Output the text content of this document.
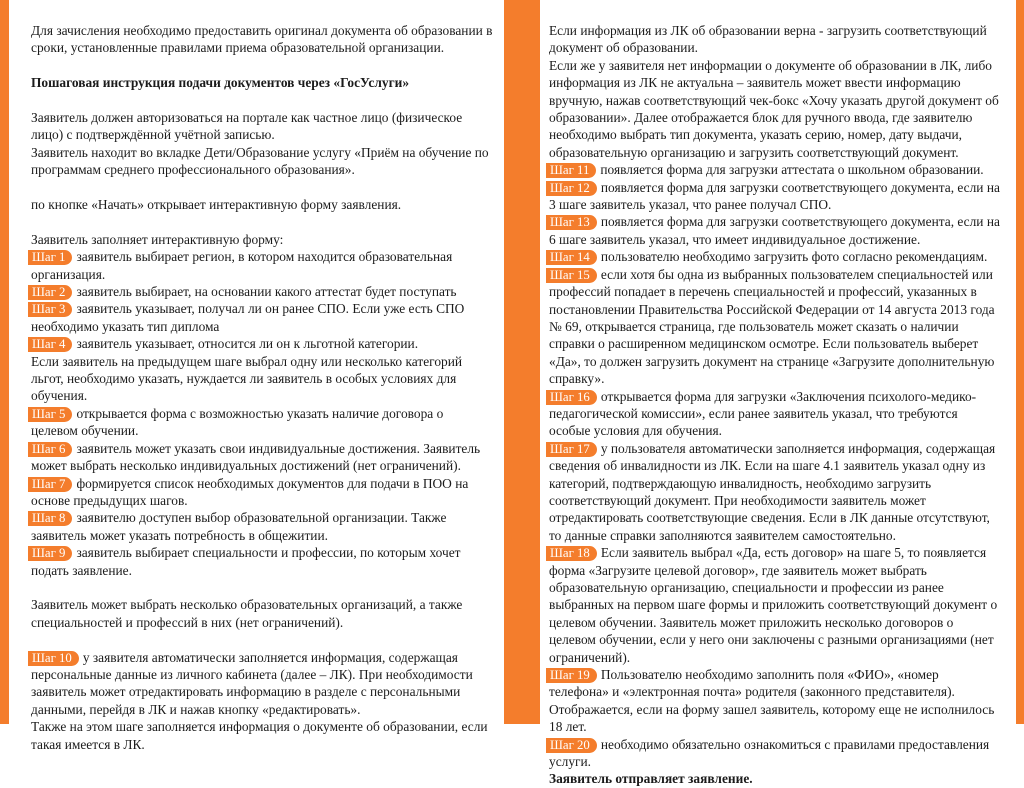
Для зачисления необходимо предоставить оригинал документа об образовании в сроки, установленные правилами приема образовательной организации.

Пошаговая инструкция подачи документов через «ГосУслуги»

Заявитель должен авторизоваться на портале как частное лицо (физическое лицо) с подтверждённой учётной записью.

Заявитель находит во вкладке Дети/Образование услугу «Приём на обучение по программам среднего профессионального образования».

по кнопке «Начать» открывает интерактивную форму заявления.

Заявитель заполняет интерактивную форму:

Шаг 1 заявитель выбирает регион, в котором находится образовательная организация.

Шаг 2 заявитель выбирает, на основании какого аттестат будет поступать

Шаг 3 заявитель указывает, получал ли он ранее СПО. Если уже есть СПО необходимо указать тип диплома

Шаг 4 заявитель указывает, относится ли он к льготной категории.

Если заявитель на предыдущем шаге выбрал одну или несколько категорий льгот, необходимо указать, нуждается ли заявитель в особых условиях для обучения.

Шаг 5 открывается форма с возможностью указать наличие договора о целевом обучении.

Шаг 6 заявитель может указать свои индивидуальные достижения. Заявитель может выбрать несколько индивидуальных достижений (нет ограничений).

Шаг 7 формируется список необходимых документов для подачи в ПОО на основе предыдущих шагов.

Шаг 8 заявителю доступен выбор образовательной организации. Также заявитель может указать потребность в общежитии.

Шаг 9 заявитель выбирает специальности и профессии, по которым хочет подать заявление.

Заявитель может выбрать несколько образовательных организаций, а также специальностей и профессий в них (нет ограничений).

Шаг 10 у заявителя автоматически заполняется информация, содержащая персональные данные из личного кабинета (далее – ЛК). При необходимости заявитель может отредактировать информацию в разделе с персональными данными, перейдя в ЛК и нажав кнопку «редактировать».

Также на этом шаге заполняется информация о документе об образовании, если такая имеется в ЛК.

Если информация из ЛК об образовании верна - загрузить соответствующий документ об образовании.

Если же у заявителя нет информации о документе об образовании в ЛК, либо информация из ЛК не актуальна – заявитель может ввести информацию вручную, нажав соответствующий чек-бокс «Хочу указать другой документ об образовании». Далее отображается блок для ручного ввода, где заявителю необходимо выбрать тип документа, указать серию, номер, дату выдачи, образовательную организацию и загрузить соответствующий документ.

Шаг 11 появляется форма для загрузки аттестата о школьном образовании.

Шаг 12 появляется форма для загрузки соответствующего документа, если на 3 шаге заявитель указал, что ранее получал СПО.

Шаг 13 появляется форма для загрузки соответствующего документа, если на 6 шаге заявитель указал, что имеет индивидуальное достижение.

Шаг 14 пользователю необходимо загрузить фото согласно рекомендациям.

Шаг 15 если хотя бы одна из выбранных пользователем специальностей или профессий попадает в перечень специальностей и профессий, указанных в постановлении Правительства Российской Федерации от 14 августа 2013 года № 69, открывается страница, где пользователь может сказать о наличии справки о расширенном медицинском осмотре. Если пользователь выберет «Да», то должен загрузить документ на странице «Загрузите дополнительную справку».

Шаг 16 открывается форма для загрузки «Заключения психолого-медико-педагогической комиссии», если ранее заявитель указал, что требуются особые условия для обучения.

Шаг 17 у пользователя автоматически заполняется информация, содержащая сведения об инвалидности из ЛК. Если на шаге 4.1 заявитель указал одну из категорий, подтверждающую инвалидность, необходимо загрузить соответствующий документ. При необходимости заявитель может отредактировать соответствующие сведения. Если в ЛК данные отсутствуют, то данные справки заполняются заявителем самостоятельно.

Шаг 18 Если заявитель выбрал «Да, есть договор» на шаге 5, то появляется форма «Загрузите целевой договор», где заявитель может выбрать образовательную организацию, специальности и профессии из ранее выбранных на первом шаге формы и приложить соответствующий документ о целевом обучении. Заявитель может приложить несколько договоров о целевом обучении, если у него они заключены с разными организациями (нет ограничений).

Шаг 19 Пользователю необходимо заполнить поля «ФИО», «номер телефона» и «электронная почта» родителя (законного представителя). Отображается, если на форму зашел заявитель, которому еще не исполнилось 18 лет.

Шаг 20 необходимо обязательно ознакомиться с правилами предоставления услуги.

Заявитель отправляет заявление.
